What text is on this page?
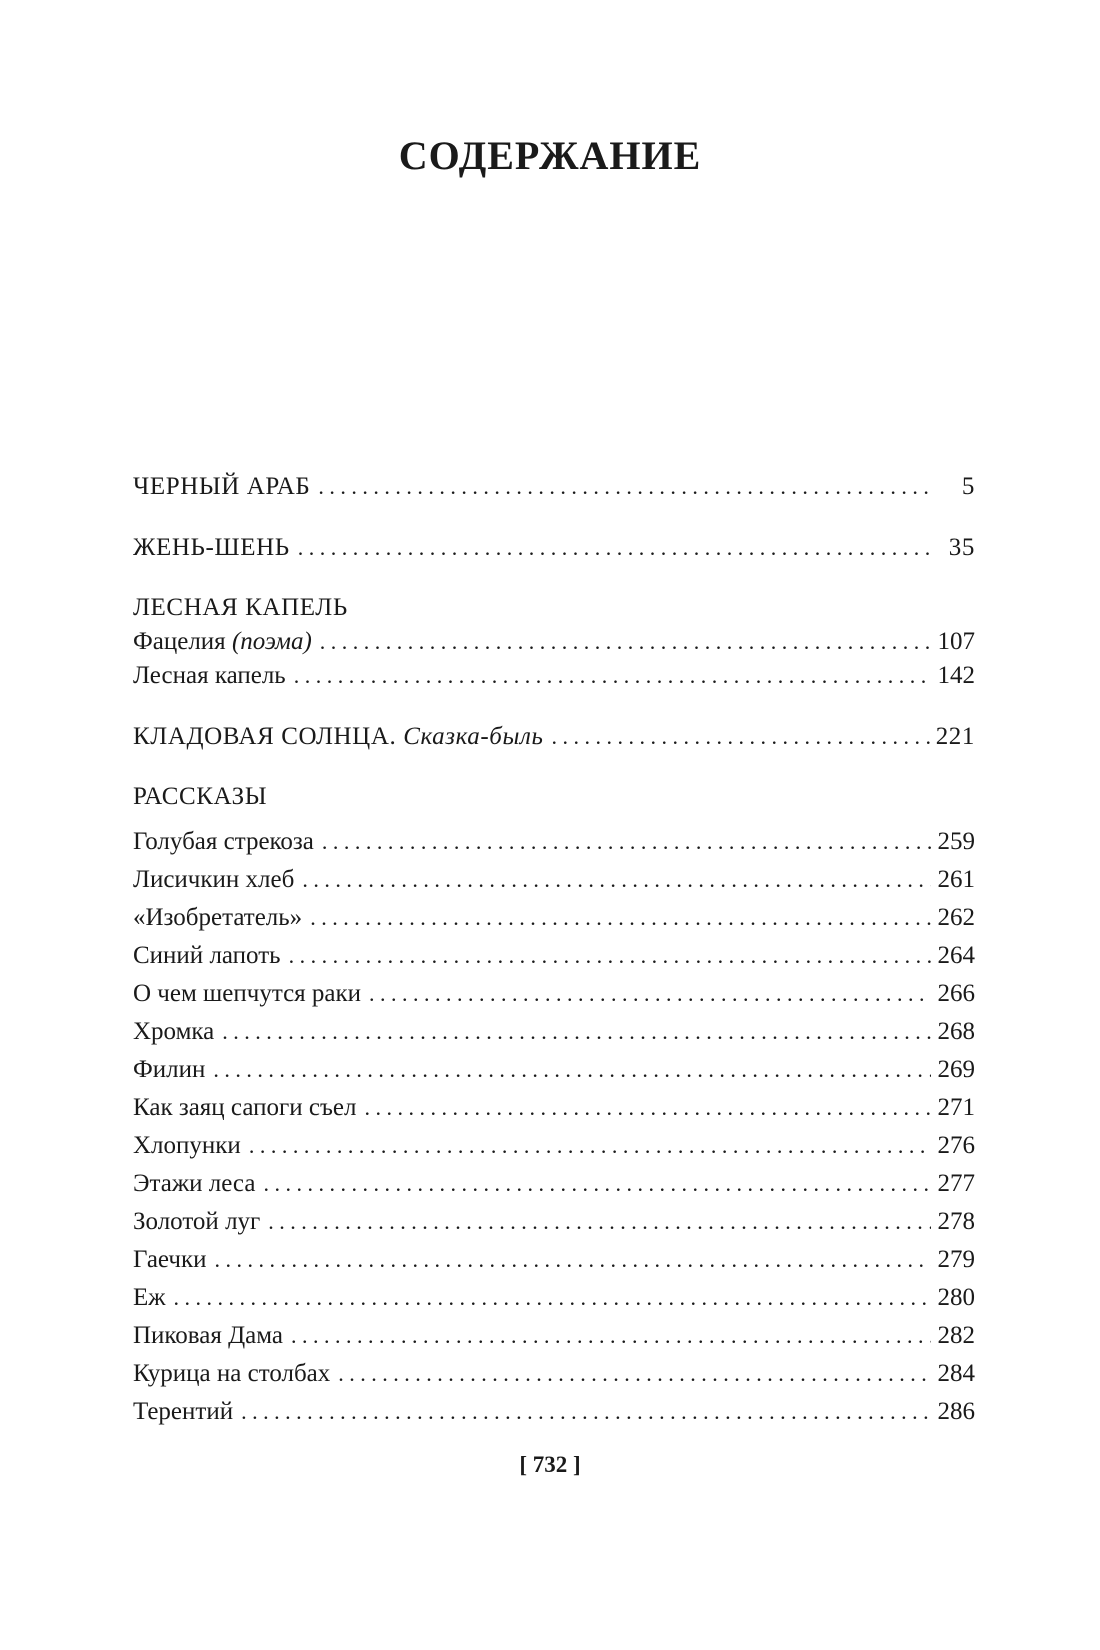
СОДЕРЖАНИЕ
ЧЕРНЫЙ АРАБ . . .	5
ЖЕНЬ-ШЕНЬ . . .	35
ЛЕСНАЯ КАПЕЛЬ
Фацелия (поэма) . . .	107
Лесная капель . . .	142
КЛАДОВАЯ СОЛНЦА. Сказка-быль . . .	221
РАССКАЗЫ
Голубая стрекоза . . .	259
Лисичкин хлеб . . .	261
«Изобретатель» . . .	262
Синий лапоть . . .	264
О чем шепчутся раки . . .	266
Хромка . . .	268
Филин . . .	269
Как заяц сапоги съел . . .	271
Хлопунки . . .	276
Этажи леса . . .	277
Золотой луг . . .	278
Гаечки . . .	279
Еж . . .	280
Пиковая Дама . . .	282
Курица на столбах . . .	284
Терентий . . .	286
[ 732 ]
